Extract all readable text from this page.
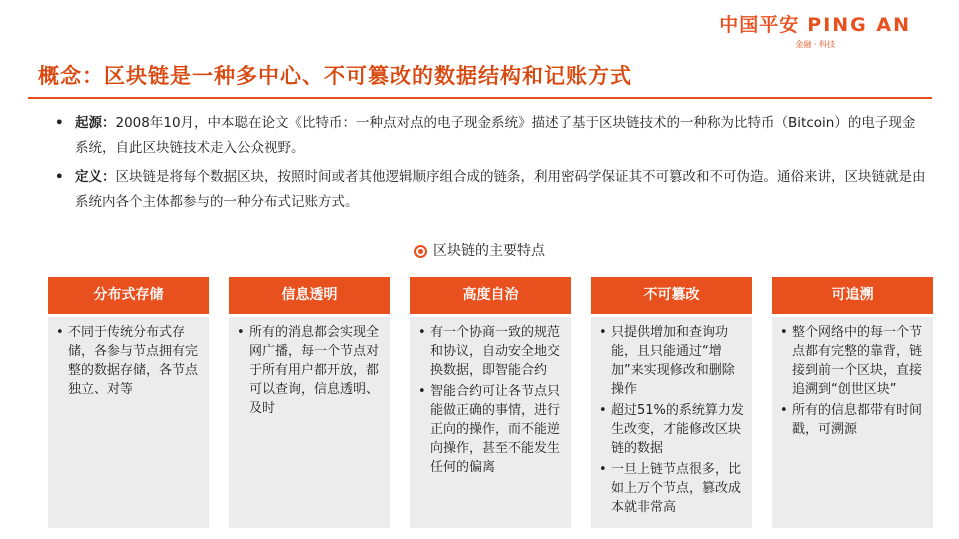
中国平安 PING AN
金融 · 科技
概念：区块链是一种多中心、不可篡改的数据结构和记账方式
• 起源：2008年10月，中本聪在论文《比特币：一种点对点的电子现金系统》描述了基于区块链技术的一种称为比特币（Bitcoin）的电子现金系统，自此区块链技术走入公众视野。
• 定义：区块链是将每个数据区块，按照时间或者其他逻辑顺序组合成的链条，利用密码学保证其不可篡改和不可伪造。通俗来讲，区块链就是由系统内各个主体都参与的一种分布式记账方式。
区块链的主要特点
分布式存储
• 不同于传统分布式存储，各参与节点拥有完整的数据存储，各节点独立、对等
信息透明
• 所有的消息都会实现全网广播，每一个节点对于所有用户都开放，都可以查询，信息透明、及时
高度自治
• 有一个协商一致的规范和协议，自动安全地交换数据，即智能合约
• 智能合约可让各节点只能做正确的事情，进行正向的操作，而不能逆向操作，甚至不能发生任何的偏离
不可篡改
• 只提供增加和查询功能，且只能通过“增加”来实现修改和删除操作
• 超过51%的系统算力发生改变，才能修改区块链的数据
• 一旦上链节点很多，比如上万个节点，篡改成本就非常高
可追溯
• 整个网络中的每一个节点都有完整的靠背，链接到前一个区块，直接追溯到“创世区块”
• 所有的信息都带有时间戳，可溯源
